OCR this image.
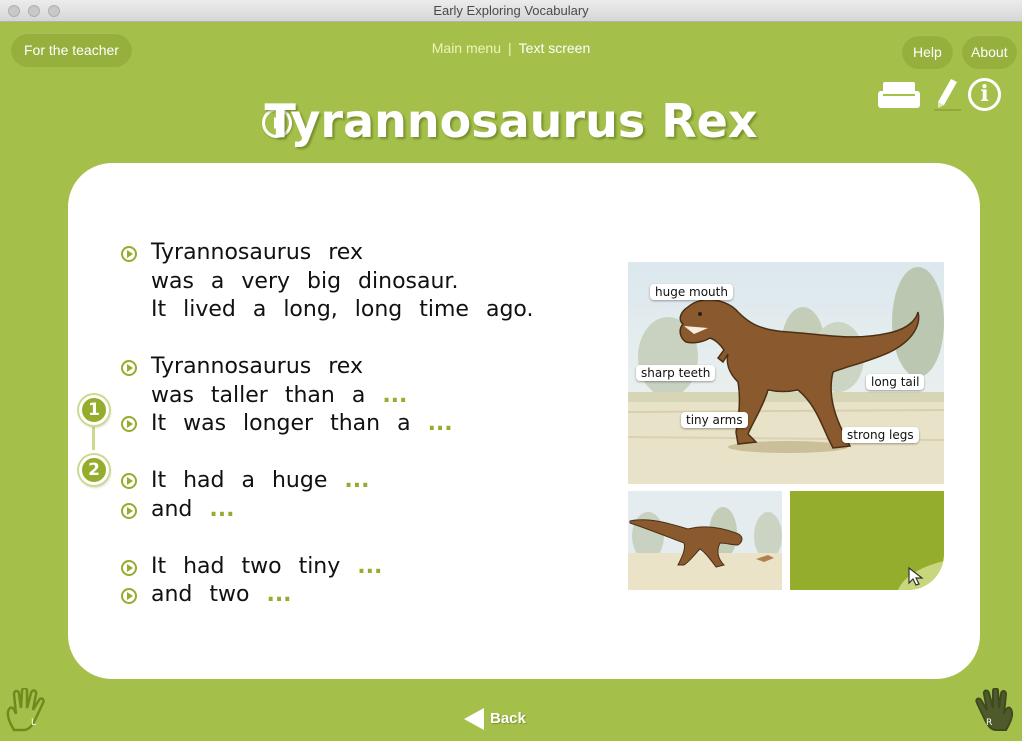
Early Exploring Vocabulary
For the teacher	Main menu | Text screen	Help	About
i
Tyrannosaurus Rex
L	R
Back
Tyrannosaurus rex
was a very big dinosaur.
It lived a long, long time ago.
Tyrannosaurus rex
was taller than a ...
It was longer than a ...
1
2	It had a huge ...
and ...
It had two tiny ...
and two ...
huge mouth
sharp teeth
long tail
tiny arms
strong legs
